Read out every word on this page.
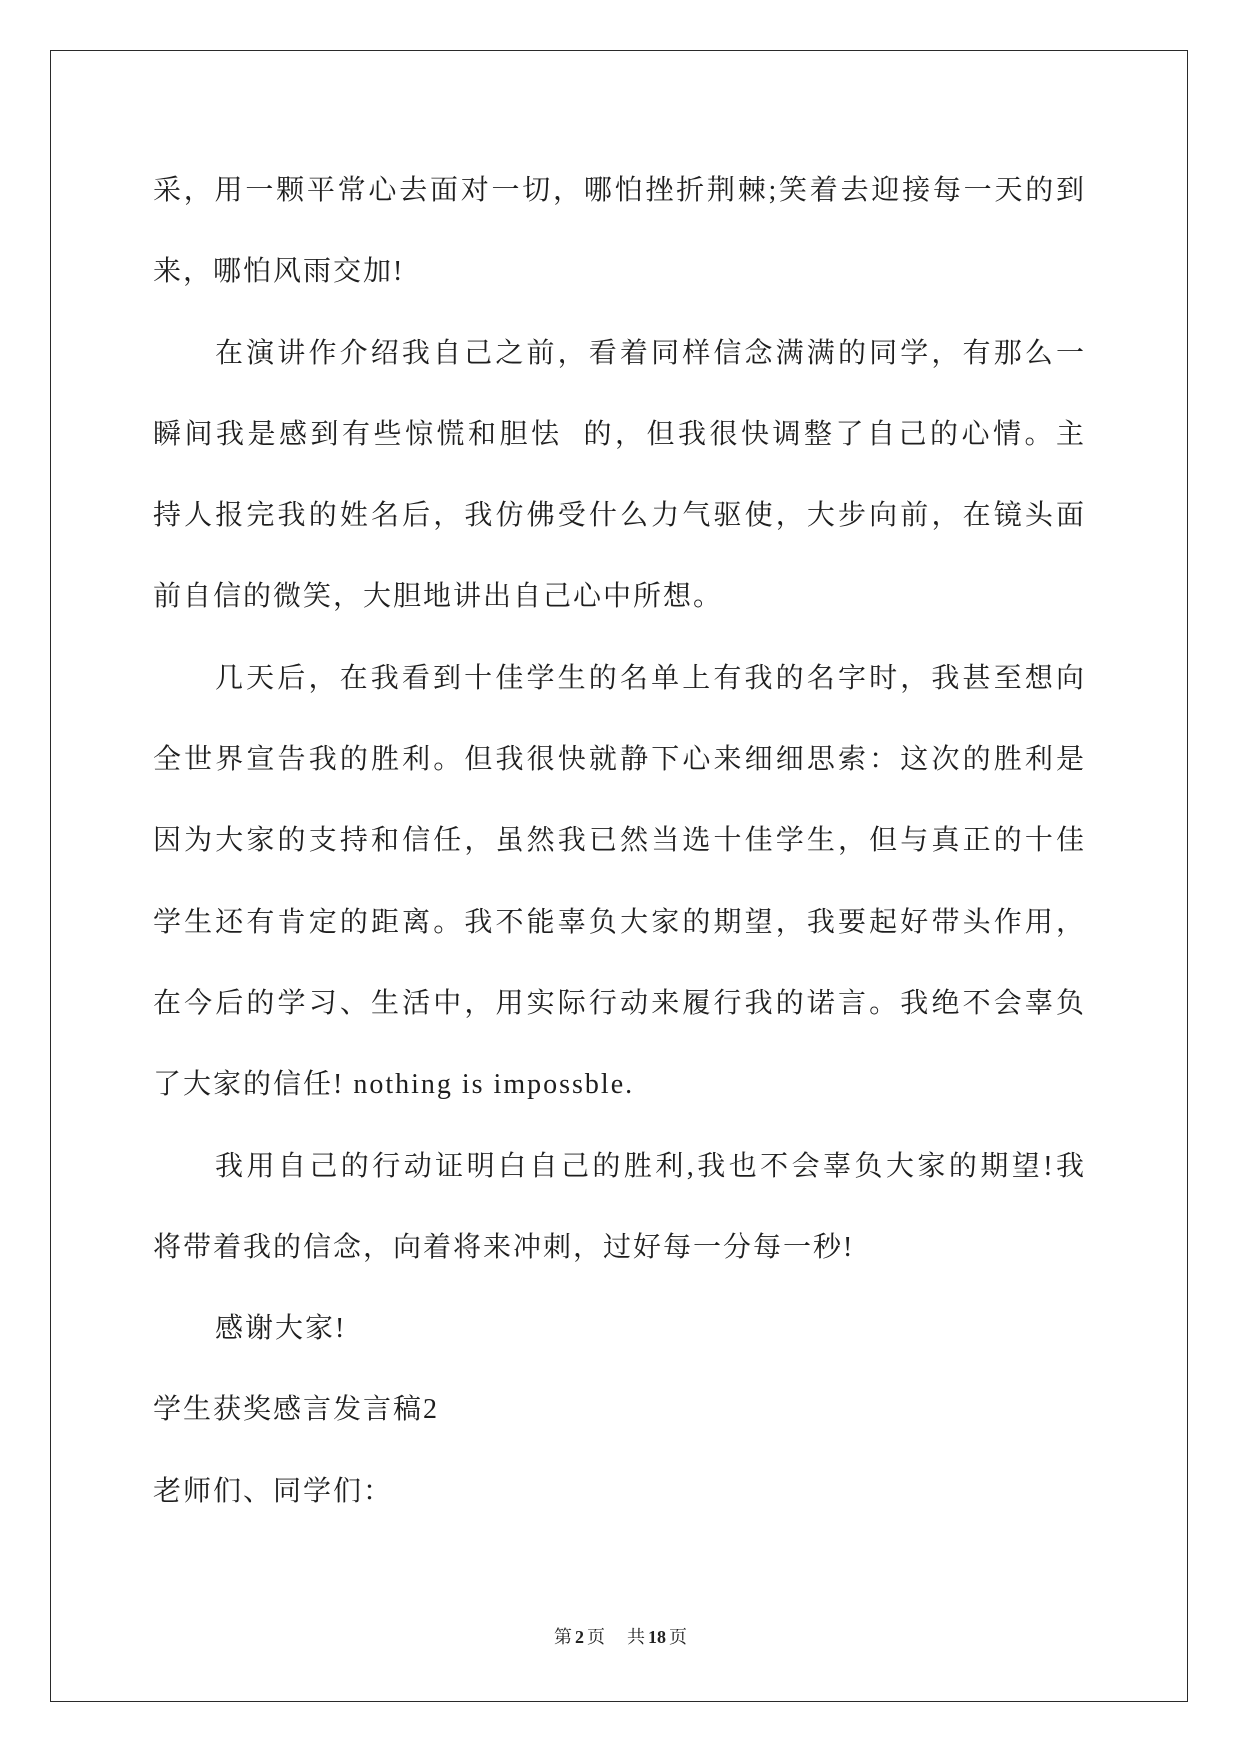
采，用一颗平常心去面对一切，哪怕挫折荆棘;笑着去迎接每一天的到
来，哪怕风雨交加!
在演讲作介绍我自己之前，看着同样信念满满的同学，有那么一
瞬间我是感到有些惊慌和胆怯  的，但我很快调整了自己的心情。主
持人报完我的姓名后，我仿佛受什么力气驱使，大步向前，在镜头面
前自信的微笑，大胆地讲出自己心中所想。
几天后，在我看到十佳学生的名单上有我的名字时，我甚至想向
全世界宣告我的胜利。但我很快就静下心来细细思索：这次的胜利是
因为大家的支持和信任，虽然我已然当选十佳学生，但与真正的十佳
学生还有肯定的距离。我不能辜负大家的期望，我要起好带头作用，
在今后的学习、生活中，用实际行动来履行我的诺言。我绝不会辜负
了大家的信任! nothing is impossble.
我用自己的行动证明白自己的胜利,我也不会辜负大家的期望!我
将带着我的信念，向着将来冲刺，过好每一分每一秒!
感谢大家!
学生获奖感言发言稿2
老师们、同学们：
第 2 页 共 18 页
